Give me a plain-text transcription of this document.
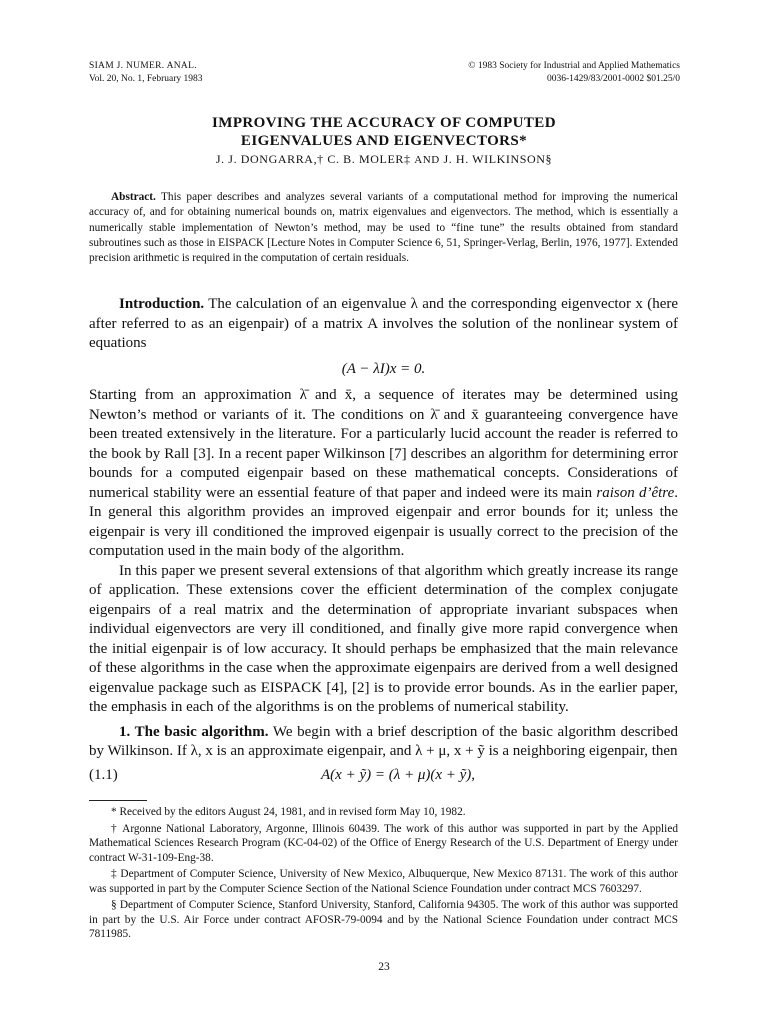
SIAM J. NUMER. ANAL.
Vol. 20, No. 1, February 1983
© 1983 Society for Industrial and Applied Mathematics
0036-1429/83/2001-0002 $01.25/0
IMPROVING THE ACCURACY OF COMPUTED
EIGENVALUES AND EIGENVECTORS*
J. J. DONGARRA,† C. B. MOLER‡ AND J. H. WILKINSON§
Abstract. This paper describes and analyzes several variants of a computational method for improving the numerical accuracy of, and for obtaining numerical bounds on, matrix eigenvalues and eigenvectors. The method, which is essentially a numerically stable implementation of Newton’s method, may be used to “fine tune” the results obtained from standard subroutines such as those in EISPACK [Lecture Notes in Computer Science 6, 51, Springer-Verlag, Berlin, 1976, 1977]. Extended precision arithmetic is required in the computation of certain residuals.

Introduction. The calculation of an eigenvalue λ and the corresponding eigenvector x (here after referred to as an eigenpair) of a matrix A involves the solution of the nonlinear system of equations

(A − λI)x = 0.

Starting from an approximation λ̄ and x̄, a sequence of iterates may be determined using Newton’s method or variants of it. The conditions on λ̄ and x̄ guaranteeing convergence have been treated extensively in the literature. For a particularly lucid account the reader is referred to the book by Rall [3]. In a recent paper Wilkinson [7] describes an algorithm for determining error bounds for a computed eigenpair based on these mathematical concepts. Considerations of numerical stability were an essential feature of that paper and indeed were its main raison d’être. In general this algorithm provides an improved eigenpair and error bounds for it; unless the eigenpair is very ill conditioned the improved eigenpair is usually correct to the precision of the computation used in the main body of the algorithm.

In this paper we present several extensions of that algorithm which greatly increase its range of application. These extensions cover the efficient determination of the complex conjugate eigenpairs of a real matrix and the determination of appropriate invariant subspaces when individual eigenvectors are very ill conditioned, and finally give more rapid convergence when the initial eigenpair is of low accuracy. It should perhaps be emphasized that the main relevance of these algorithms in the case when the approximate eigenpairs are derived from a well designed eigenvalue package such as EISPACK [4], [2] is to provide error bounds. As in the earlier paper, the emphasis in each of the algorithms is on the problems of numerical stability.

1. The basic algorithm. We begin with a brief description of the basic algorithm described by Wilkinson. If λ, x is an approximate eigenpair, and λ + μ, x + ỹ is a neighboring eigenpair, then

(1.1)	A(x + ỹ) = (λ + μ)(x + ỹ),

* Received by the editors August 24, 1981, and in revised form May 10, 1982.

† Argonne National Laboratory, Argonne, Illinois 60439. The work of this author was supported in part by the Applied Mathematical Sciences Research Program (KC-04-02) of the Office of Energy Research of the U.S. Department of Energy under contract W-31-109-Eng-38.

‡ Department of Computer Science, University of New Mexico, Albuquerque, New Mexico 87131. The work of this author was supported in part by the Computer Science Section of the National Science Foundation under contract MCS 7603297.

§ Department of Computer Science, Stanford University, Stanford, California 94305. The work of this author was supported in part by the U.S. Air Force under contract AFOSR-79-0094 and by the National Science Foundation under contract MCS 7811985.

23
